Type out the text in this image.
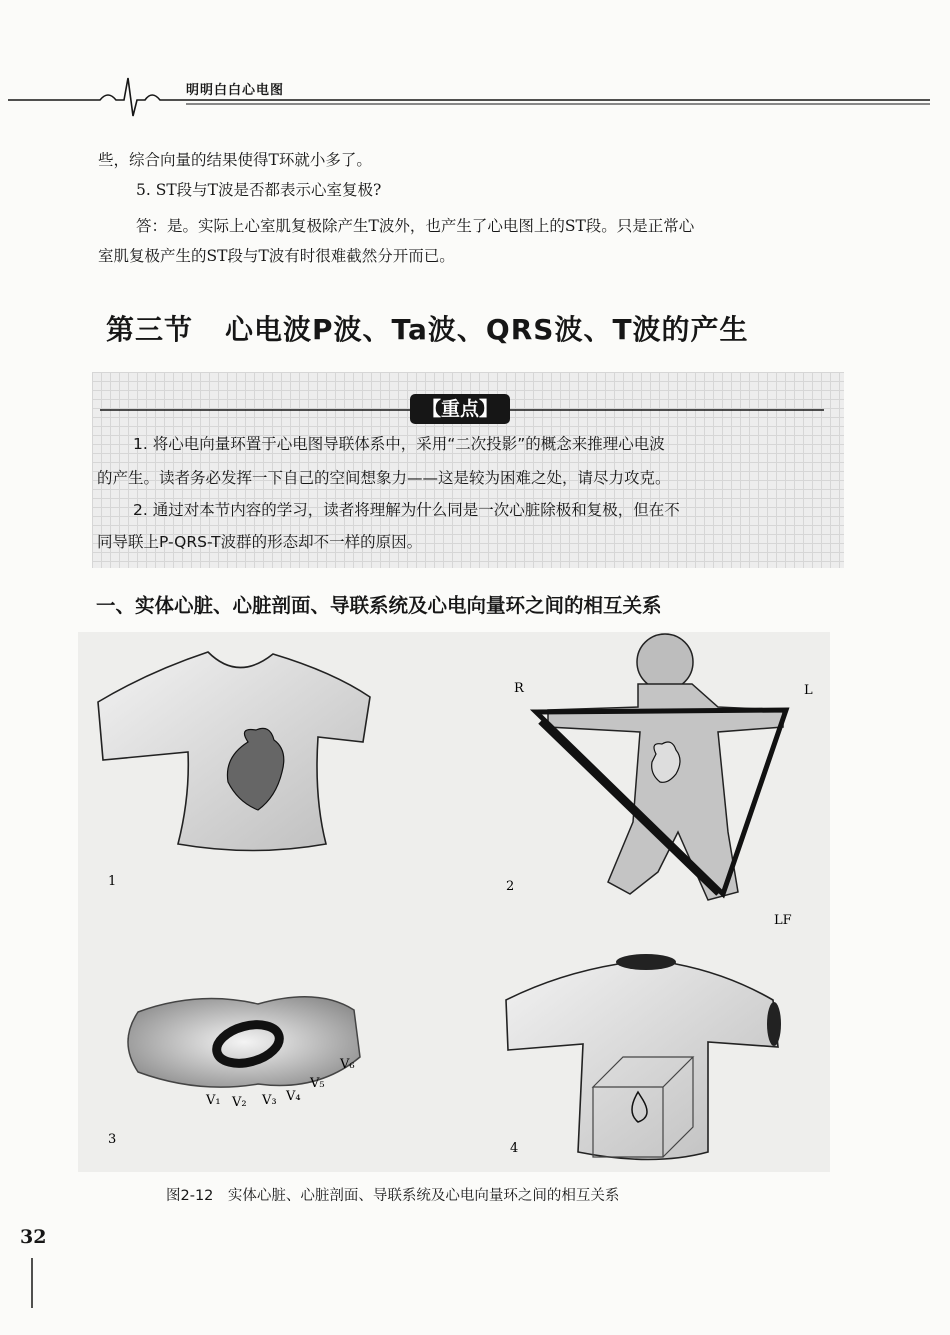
明明白白心电图
些，综合向量的结果使得T环就小多了。
5. ST段与T波是否都表示心室复极?
答：是。实际上心室肌复极除产生T波外，也产生了心电图上的ST段。只是正常心
室肌复极产生的ST段与T波有时很难截然分开而已。
第三节 心电波P波、Ta波、QRS波、T波的产生
【重点】
1. 将心电向量环置于心电图导联体系中，采用“二次投影”的概念来推理心电波
的产生。读者务必发挥一下自己的空间想象力——这是较为困难之处，请尽力攻克。
2. 通过对本节内容的学习，读者将理解为什么同是一次心脏除极和复极，但在不
同导联上P-QRS-T波群的形态却不一样的原因。
一、实体心脏、心脏剖面、导联系统及心电向量环之间的相互关系
1
R	L
LF
2
V₁ V₂ V₃ V₄
V₅
V₆
3
4
图2-12　实体心脏、心脏剖面、导联系统及心电向量环之间的相互关系
32
